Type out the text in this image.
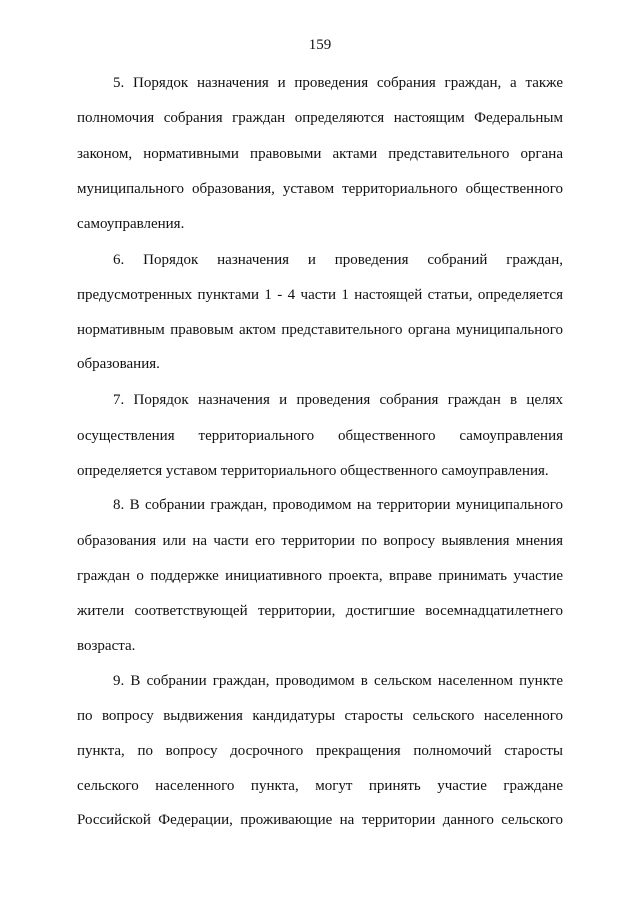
159
5. Порядок назначения и проведения собрания граждан, а также
полномочия собрания граждан определяются настоящим Федеральным
законом, нормативными правовыми актами представительного органа
муниципального образования, уставом территориального общественного
самоуправления.
6. Порядок назначения и проведения собраний граждан,
предусмотренных пунктами 1 - 4 части 1 настоящей статьи, определяется
нормативным правовым актом представительного органа муниципального
образования.
7. Порядок назначения и проведения собрания граждан в целях
осуществления территориального общественного самоуправления
определяется уставом территориального общественного самоуправления.
8. В собрании граждан, проводимом на территории муниципального
образования или на части его территории по вопросу выявления мнения
граждан о поддержке инициативного проекта, вправе принимать участие
жители соответствующей территории, достигшие восемнадцатилетнего
возраста.
9. В собрании граждан, проводимом в сельском населенном пункте
по вопросу выдвижения кандидатуры старосты сельского населенного
пункта, по вопросу досрочного прекращения полномочий старосты
сельского населенного пункта, могут принять участие граждане
Российской Федерации, проживающие на территории данного сельского
